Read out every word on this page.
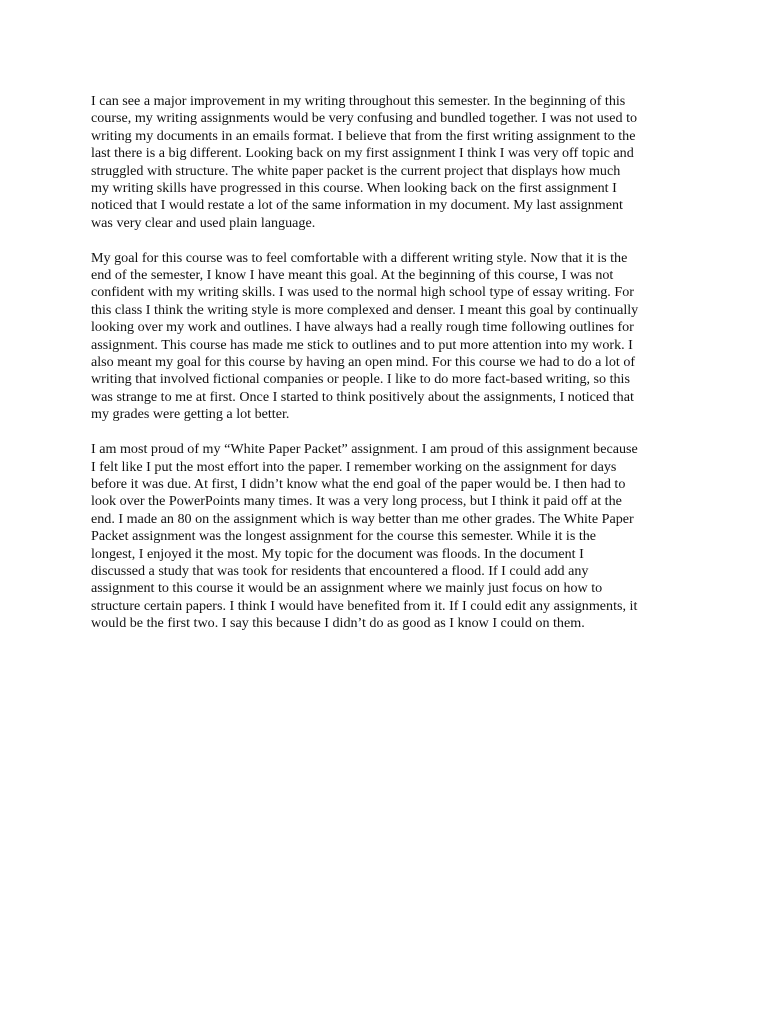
I can see a major improvement in my writing throughout this semester. In the beginning of this
course, my writing assignments would be very confusing and bundled together. I was not used to
writing my documents in an emails format. I believe that from the first writing assignment to the
last there is a big different. Looking back on my first assignment I think I was very off topic and
struggled with structure. The white paper packet is the current project that displays how much
my writing skills have progressed in this course. When looking back on the first assignment I
noticed that I would restate a lot of the same information in my document. My last assignment
was very clear and used plain language.

My goal for this course was to feel comfortable with a different writing style. Now that it is the
end of the semester, I know I have meant this goal. At the beginning of this course, I was not
confident with my writing skills. I was used to the normal high school type of essay writing. For
this class I think the writing style is more complexed and denser. I meant this goal by continually
looking over my work and outlines. I have always had a really rough time following outlines for
assignment. This course has made me stick to outlines and to put more attention into my work. I
also meant my goal for this course by having an open mind. For this course we had to do a lot of
writing that involved fictional companies or people. I like to do more fact-based writing, so this
was strange to me at first. Once I started to think positively about the assignments, I noticed that
my grades were getting a lot better.

I am most proud of my “White Paper Packet” assignment. I am proud of this assignment because
I felt like I put the most effort into the paper. I remember working on the assignment for days
before it was due. At first, I didn’t know what the end goal of the paper would be. I then had to
look over the PowerPoints many times. It was a very long process, but I think it paid off at the
end. I made an 80 on the assignment which is way better than me other grades. The White Paper
Packet assignment was the longest assignment for the course this semester. While it is the
longest, I enjoyed it the most. My topic for the document was floods. In the document I
discussed a study that was took for residents that encountered a flood. If I could add any
assignment to this course it would be an assignment where we mainly just focus on how to
structure certain papers. I think I would have benefited from it. If I could edit any assignments, it
would be the first two. I say this because I didn’t do as good as I know I could on them.
